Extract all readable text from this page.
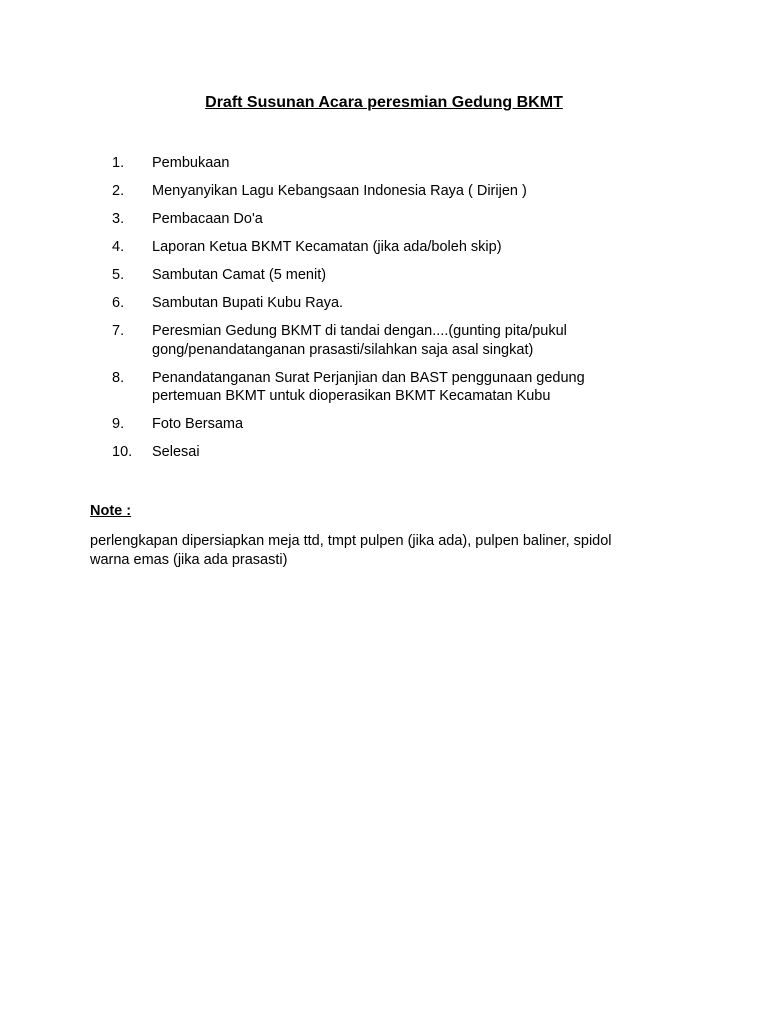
Draft Susunan Acara peresmian Gedung BKMT
1.	Pembukaan
2.	Menyanyikan Lagu Kebangsaan Indonesia Raya ( Dirijen )
3.	Pembacaan Do'a
4.	Laporan Ketua BKMT Kecamatan (jika ada/boleh skip)
5.	Sambutan Camat (5 menit)
6.	Sambutan Bupati Kubu Raya.
7.	Peresmian Gedung BKMT di tandai dengan....(gunting pita/pukul gong/penandatanganan prasasti/silahkan saja asal singkat)
8.	Penandatanganan Surat Perjanjian dan BAST penggunaan gedung pertemuan BKMT untuk dioperasikan BKMT Kecamatan Kubu
9.	Foto Bersama
10.	Selesai
Note :
perlengkapan dipersiapkan meja ttd, tmpt pulpen (jika ada), pulpen baliner, spidol warna emas (jika ada prasasti)
